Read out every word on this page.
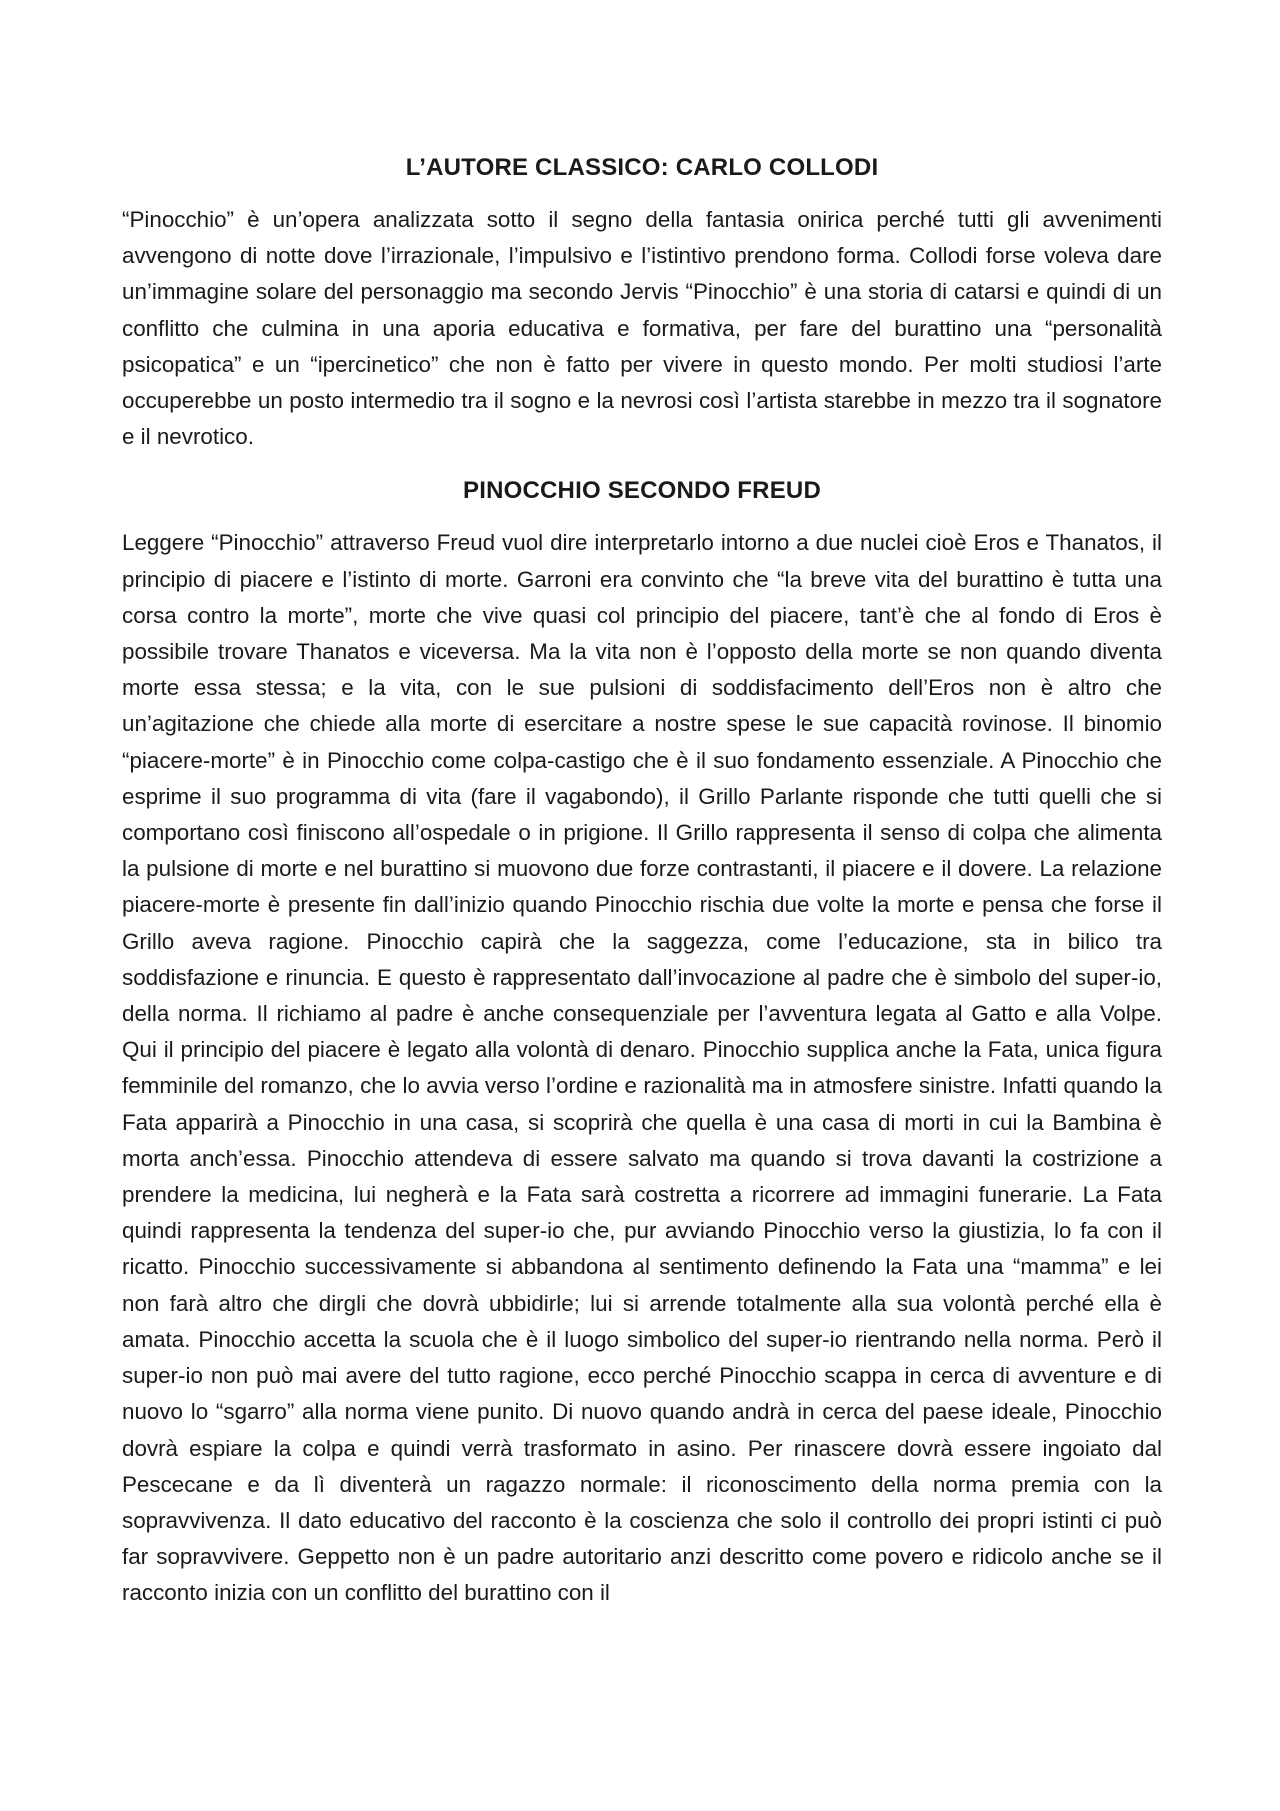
L’AUTORE CLASSICO: CARLO COLLODI

“Pinocchio” è un’opera analizzata sotto il segno della fantasia onirica perché tutti gli avvenimenti avvengono di notte dove l’irrazionale, l’impulsivo e l’istintivo prendono forma. Collodi forse voleva dare un’immagine solare del personaggio ma secondo Jervis “Pinocchio” è una storia di catarsi e quindi di un conflitto che culmina in una aporia educativa e formativa, per fare del burattino una “personalità psicopatica” e un “ipercinetico” che non è fatto per vivere in questo mondo. Per molti studiosi l’arte occuperebbe un posto intermedio tra il sogno e la nevrosi così l’artista starebbe in mezzo tra il sognatore e il nevrotico.

PINOCCHIO SECONDO FREUD

Leggere “Pinocchio” attraverso Freud vuol dire interpretarlo intorno a due nuclei cioè Eros e Thanatos, il principio di piacere e l’istinto di morte. Garroni era convinto che “la breve vita del burattino è tutta una corsa contro la morte”, morte che vive quasi col principio del piacere, tant’è che al fondo di Eros è possibile trovare Thanatos e viceversa. Ma la vita non è l’opposto della morte se non quando diventa morte essa stessa; e la vita, con le sue pulsioni di soddisfacimento dell’Eros non è altro che un’agitazione che chiede alla morte di esercitare a nostre spese le sue capacità rovinose. Il binomio “piacere-morte” è in Pinocchio come colpa-castigo che è il suo fondamento essenziale. A Pinocchio che esprime il suo programma di vita (fare il vagabondo), il Grillo Parlante risponde che tutti quelli che si comportano così finiscono all’ospedale o in prigione. Il Grillo rappresenta il senso di colpa che alimenta la pulsione di morte e nel burattino si muovono due forze contrastanti, il piacere e il dovere. La relazione piacere-morte è presente fin dall’inizio quando Pinocchio rischia due volte la morte e pensa che forse il Grillo aveva ragione. Pinocchio capirà che la saggezza, come l’educazione, sta in bilico tra soddisfazione e rinuncia. E questo è rappresentato dall’invocazione al padre che è simbolo del super-io, della norma. Il richiamo al padre è anche consequenziale per l’avventura legata al Gatto e alla Volpe. Qui il principio del piacere è legato alla volontà di denaro. Pinocchio supplica anche la Fata, unica figura femminile del romanzo, che lo avvia verso l’ordine e razionalità ma in atmosfere sinistre. Infatti quando la Fata apparirà a Pinocchio in una casa, si scoprirà che quella è una casa di morti in cui la Bambina è morta anch’essa. Pinocchio attendeva di essere salvato ma quando si trova davanti la costrizione a prendere la medicina, lui negherà e la Fata sarà costretta a ricorrere ad immagini funerarie. La Fata quindi rappresenta la tendenza del super-io che, pur avviando Pinocchio verso la giustizia, lo fa con il ricatto. Pinocchio successivamente si abbandona al sentimento definendo la Fata una “mamma” e lei non farà altro che dirgli che dovrà ubbidirle; lui si arrende totalmente alla sua volontà perché ella è amata. Pinocchio accetta la scuola che è il luogo simbolico del super-io rientrando nella norma. Però il super-io non può mai avere del tutto ragione, ecco perché Pinocchio scappa in cerca di avventure e di nuovo lo “sgarro” alla norma viene punito. Di nuovo quando andrà in cerca del paese ideale, Pinocchio dovrà espiare la colpa e quindi verrà trasformato in asino. Per rinascere dovrà essere ingoiato dal Pescecane e da lì diventerà un ragazzo normale: il riconoscimento della norma premia con la sopravvivenza. Il dato educativo del racconto è la coscienza che solo il controllo dei propri istinti ci può far sopravvivere. Geppetto non è un padre autoritario anzi descritto come povero e ridicolo anche se il racconto inizia con un conflitto del burattino con il
